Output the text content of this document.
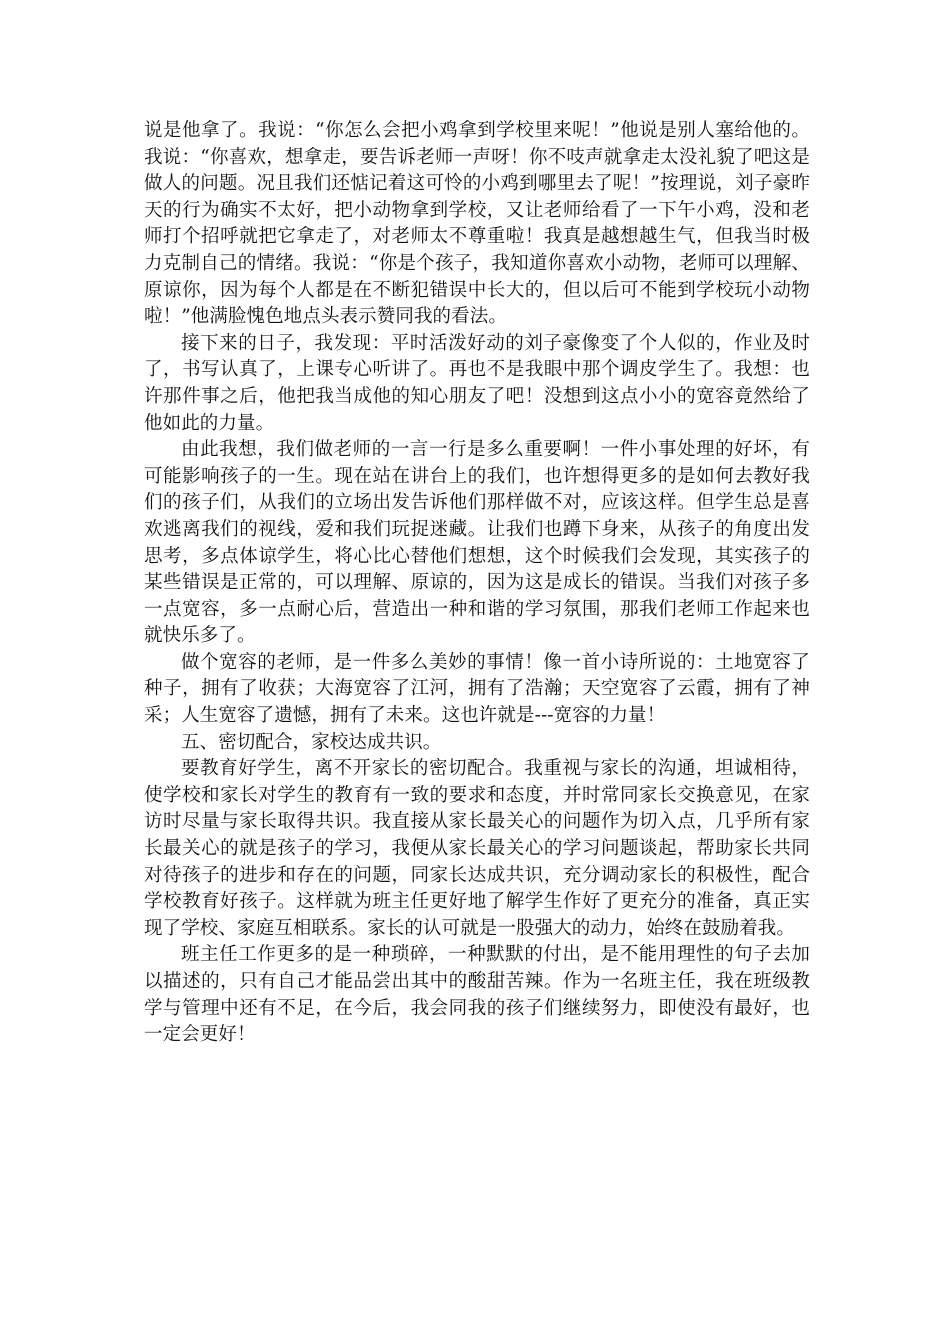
说是他拿了。我说：“你怎么会把小鸡拿到学校里来呢！”他说是别人塞给他的。我说：“你喜欢，想拿走，要告诉老师一声呀！你不吱声就拿走太没礼貌了吧这是做人的问题。况且我们还惦记着这可怜的小鸡到哪里去了呢！”按理说，刘子豪昨天的行为确实不太好，把小动物拿到学校，又让老师给看了一下午小鸡，没和老师打个招呼就把它拿走了，对老师太不尊重啦！我真是越想越生气，但我当时极力克制自己的情绪。我说：“你是个孩子，我知道你喜欢小动物，老师可以理解、原谅你，因为每个人都是在不断犯错误中长大的，但以后可不能到学校玩小动物啦！”他满脸愧色地点头表示赞同我的看法。

接下来的日子，我发现：平时活泼好动的刘子豪像变了个人似的，作业及时了，书写认真了，上课专心听讲了。再也不是我眼中那个调皮学生了。我想：也许那件事之后，他把我当成他的知心朋友了吧！没想到这点小小的宽容竟然给了他如此的力量。

由此我想，我们做老师的一言一行是多么重要啊！一件小事处理的好坏，有可能影响孩子的一生。现在站在讲台上的我们，也许想得更多的是如何去教好我们的孩子们，从我们的立场出发告诉他们那样做不对，应该这样。但学生总是喜欢逃离我们的视线，爱和我们玩捉迷藏。让我们也蹲下身来，从孩子的角度出发思考，多点体谅学生，将心比心替他们想想，这个时候我们会发现，其实孩子的某些错误是正常的，可以理解、原谅的，因为这是成长的错误。当我们对孩子多一点宽容，多一点耐心后，营造出一种和谐的学习氛围，那我们老师工作起来也就快乐多了。

做个宽容的老师，是一件多么美妙的事情！像一首小诗所说的：土地宽容了种子，拥有了收获；大海宽容了江河，拥有了浩瀚；天空宽容了云霞，拥有了神采；人生宽容了遗憾，拥有了未来。这也许就是---宽容的力量！

五、密切配合，家校达成共识。

要教育好学生，离不开家长的密切配合。我重视与家长的沟通，坦诚相待，使学校和家长对学生的教育有一致的要求和态度，并时常同家长交换意见，在家访时尽量与家长取得共识。我直接从家长最关心的问题作为切入点，几乎所有家长最关心的就是孩子的学习，我便从家长最关心的学习问题谈起，帮助家长共同对待孩子的进步和存在的问题，同家长达成共识，充分调动家长的积极性，配合学校教育好孩子。这样就为班主任更好地了解学生作好了更充分的准备，真正实现了学校、家庭互相联系。家长的认可就是一股强大的动力，始终在鼓励着我。

班主任工作更多的是一种琐碎，一种默默的付出，是不能用理性的句子去加以描述的，只有自己才能品尝出其中的酸甜苦辣。作为一名班主任，我在班级教学与管理中还有不足，在今后，我会同我的孩子们继续努力，即使没有最好，也一定会更好！
